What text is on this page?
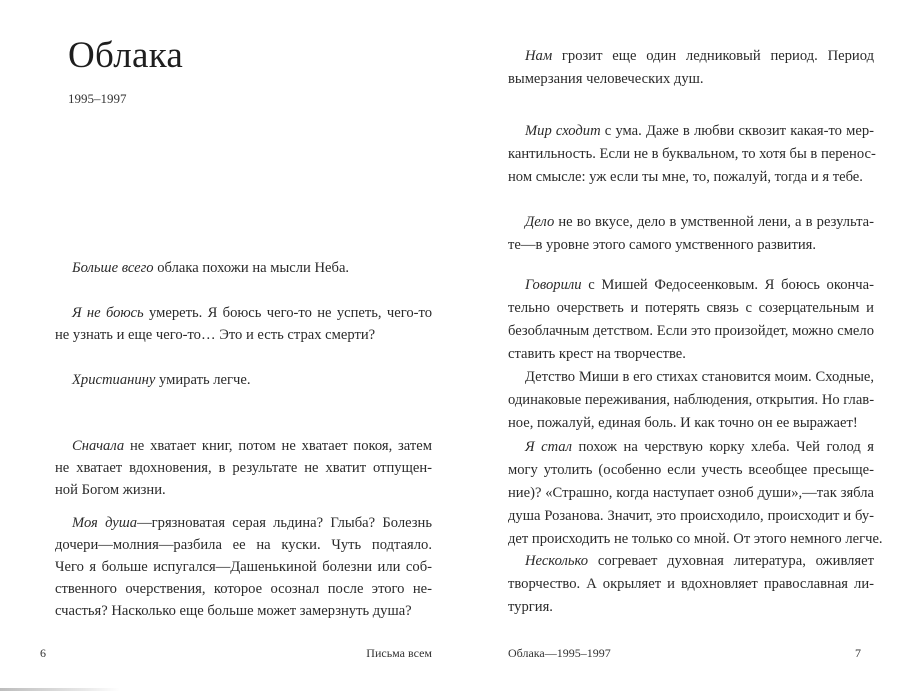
Облака
1995–1997
Больше всего облака похожи на мысли Неба.
Я не боюсь умереть. Я боюсь чего-то не успеть, чего-то
не узнать и еще чего-то… Это и есть страх смерти?
Христианину умирать легче.
Сначала не хватает книг, потом не хватает покоя, затем
не хватает вдохновения, в результате не хватит отпущен-
ной Богом жизни.
Моя душа—грязноватая серая льдина? Глыба? Болезнь
дочери—молния—разбила ее на куски. Чуть подтаяло.
Чего я больше испугался—Дашенькиной болезни или соб-
ственного очерствения, которое осознал после этого не-
счастья? Насколько еще больше может замерзнуть душа?
6	Письма всем
Нам грозит еще один ледниковый период. Период
вымерзания человеческих душ.
Мир сходит с ума. Даже в любви сквозит какая-то мер-
кантильность. Если не в буквальном, то хотя бы в перенос-
ном смысле: уж если ты мне, то, пожалуй, тогда и я тебе.
Дело не во вкусе, дело в умственной лени, а в результа-
те—в уровне этого самого умственного развития.
Говорили с Мишей Федосеенковым. Я боюсь оконча-
тельно очерстветь и потерять связь с созерцательным и
безоблачным детством. Если это произойдет, можно смело
ставить крест на творчестве.
Детство Миши в его стихах становится моим. Сходные,
одинаковые переживания, наблюдения, открытия. Но глав-
ное, пожалуй, единая боль. И как точно он ее выражает!
Я стал похож на черствую корку хлеба. Чей голод я
могу утолить (особенно если учесть всеобщее пресыще-
ние)? «Страшно, когда наступает озноб души»,—так зябла
душа Розанова. Значит, это происходило, происходит и бу-
дет происходить не только со мной. От этого немного легче.
Несколько согревает духовная литература, оживляет
творчество. А окрыляет и вдохновляет православная ли-
тургия.
Облака—1995–1997	7
